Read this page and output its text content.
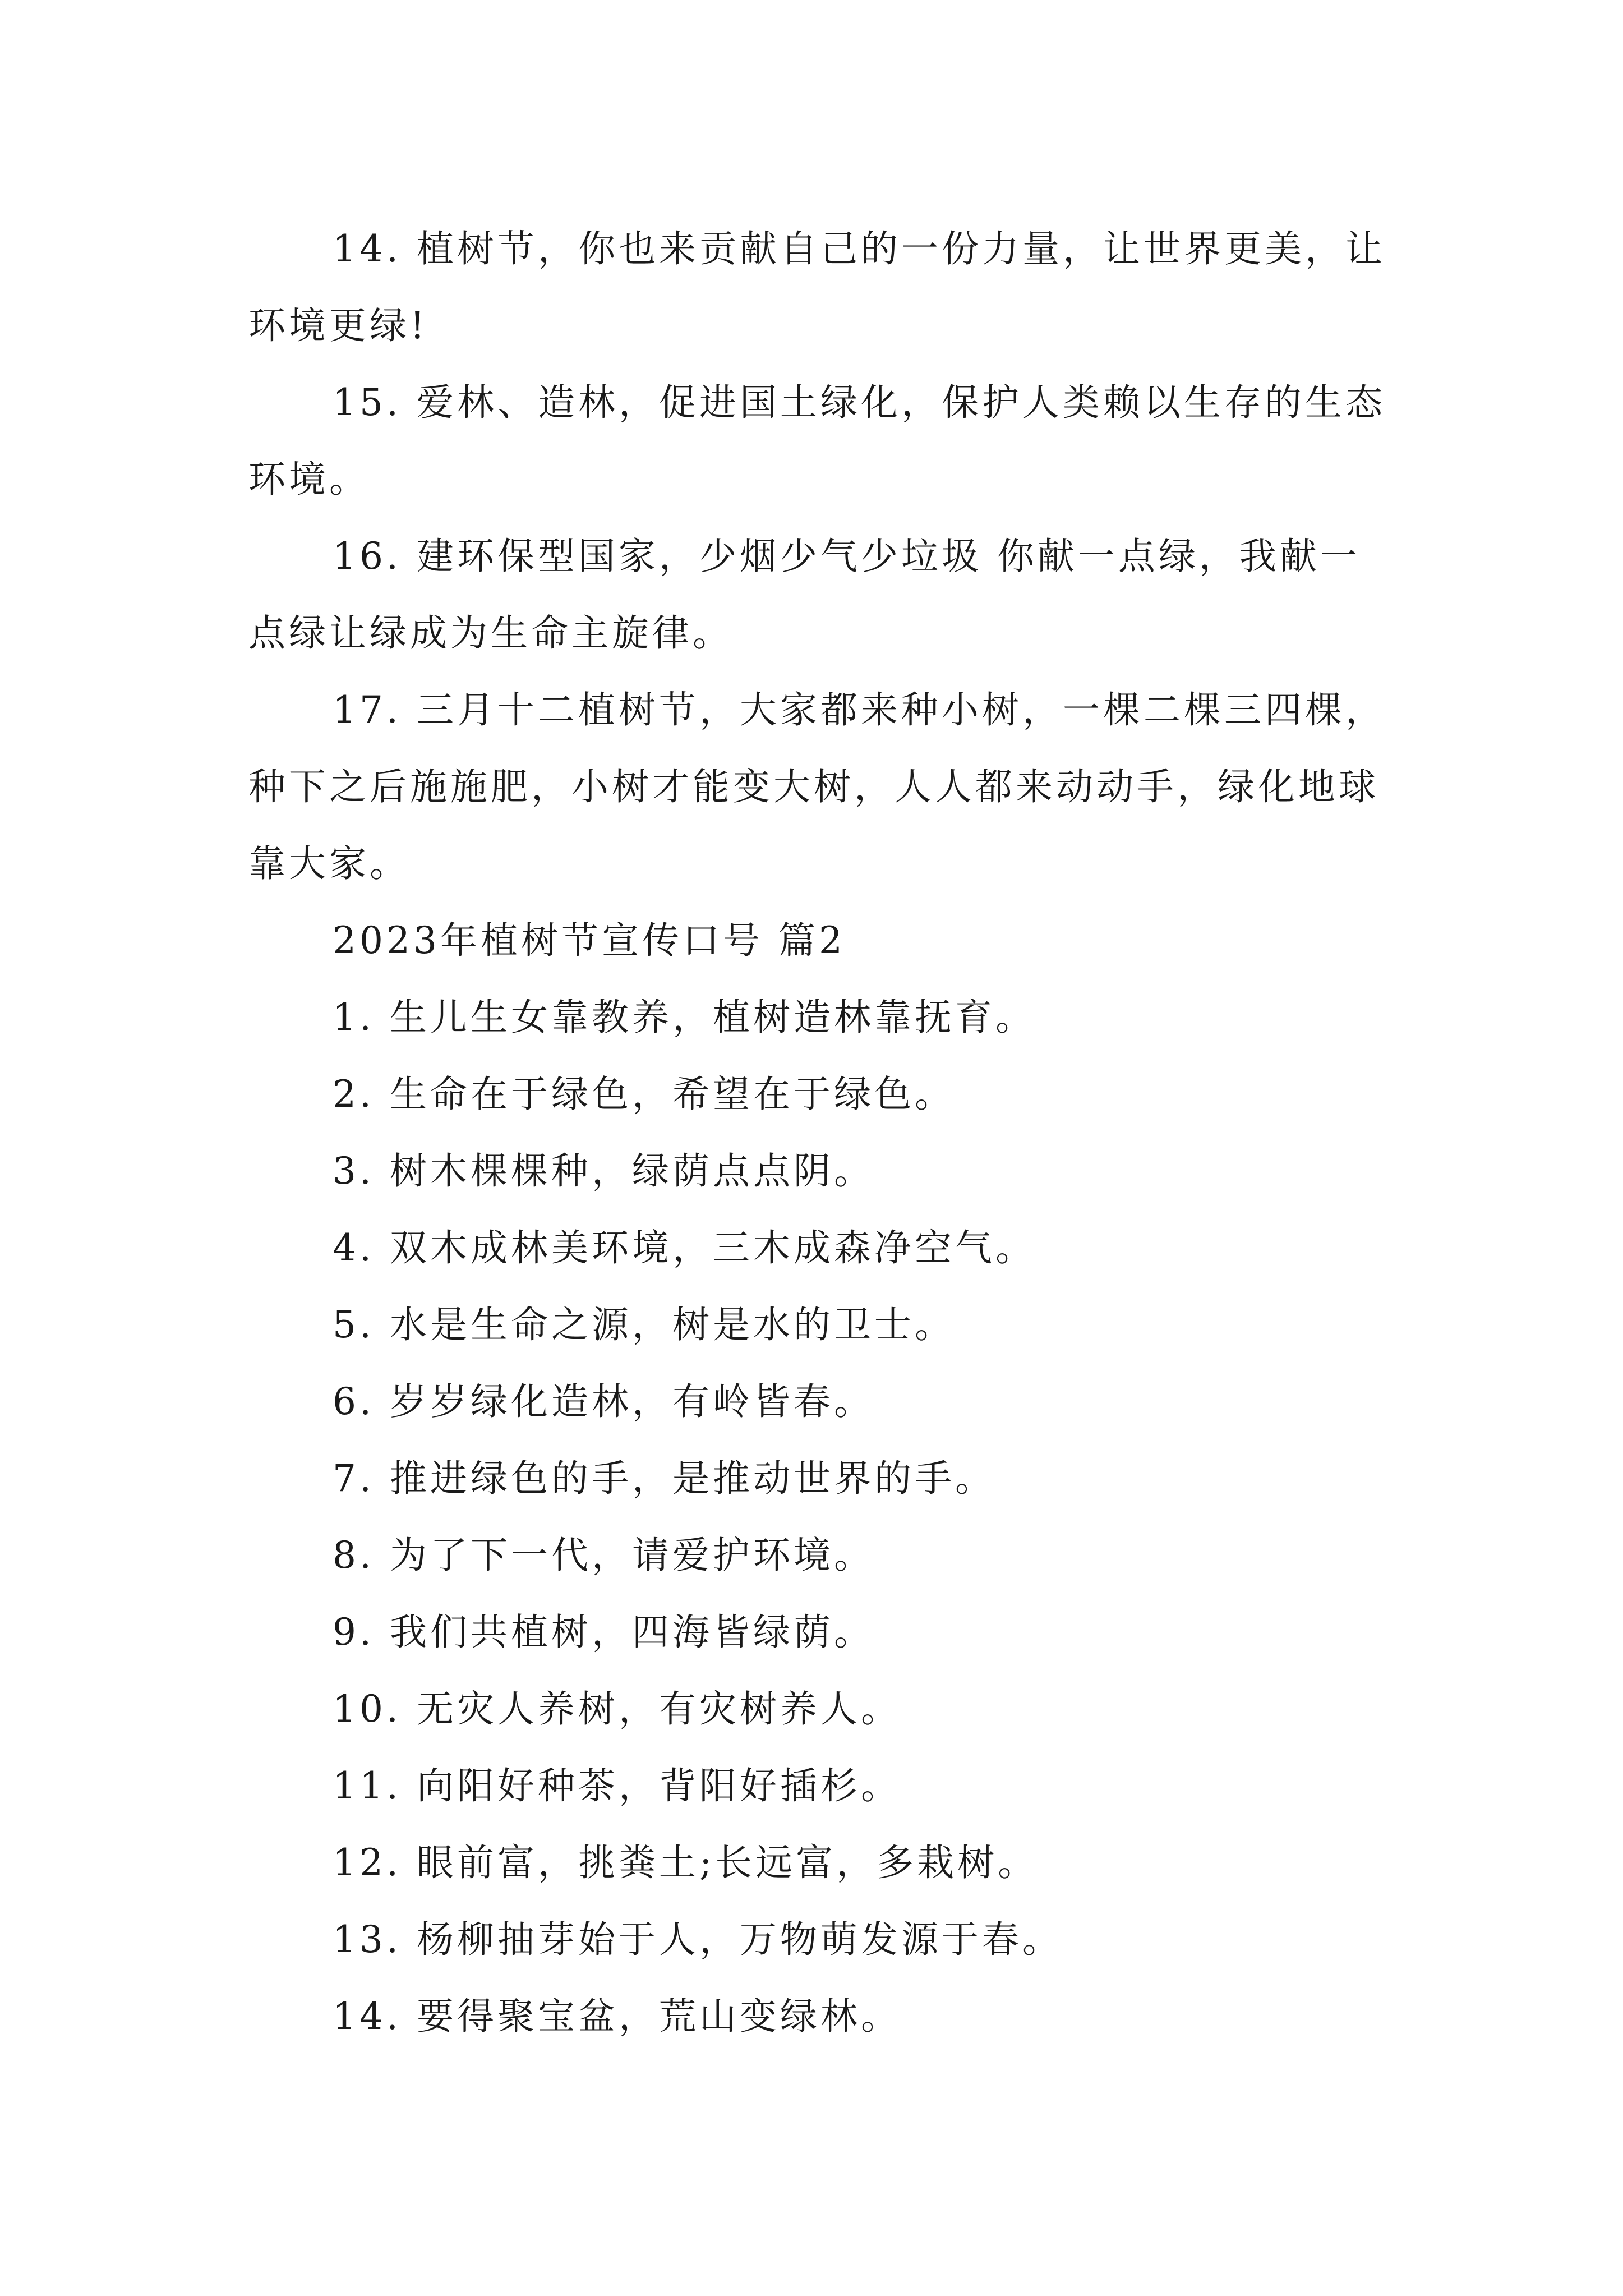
14. 植树节，你也来贡献自己的一份力量，让世界更美，让环境更绿!

15. 爱林、造林，促进国土绿化，保护人类赖以生存的生态环境。

16. 建环保型国家，少烟少气少垃圾 你献一点绿，我献一点绿让绿成为生命主旋律。

17. 三月十二植树节，大家都来种小树，一棵二棵三四棵，种下之后施施肥，小树才能变大树，人人都来动动手，绿化地球靠大家。

2023年植树节宣传口号 篇2

1. 生儿生女靠教养，植树造林靠抚育。

2. 生命在于绿色，希望在于绿色。

3. 树木棵棵种，绿荫点点阴。

4. 双木成林美环境，三木成森净空气。

5. 水是生命之源，树是水的卫士。

6. 岁岁绿化造林，有岭皆春。

7. 推进绿色的手，是推动世界的手。

8. 为了下一代，请爱护环境。

9. 我们共植树，四海皆绿荫。

10. 无灾人养树，有灾树养人。

11. 向阳好种茶，背阳好插杉。

12. 眼前富，挑粪土;长远富，多栽树。

13. 杨柳抽芽始于人，万物萌发源于春。

14. 要得聚宝盆，荒山变绿林。
